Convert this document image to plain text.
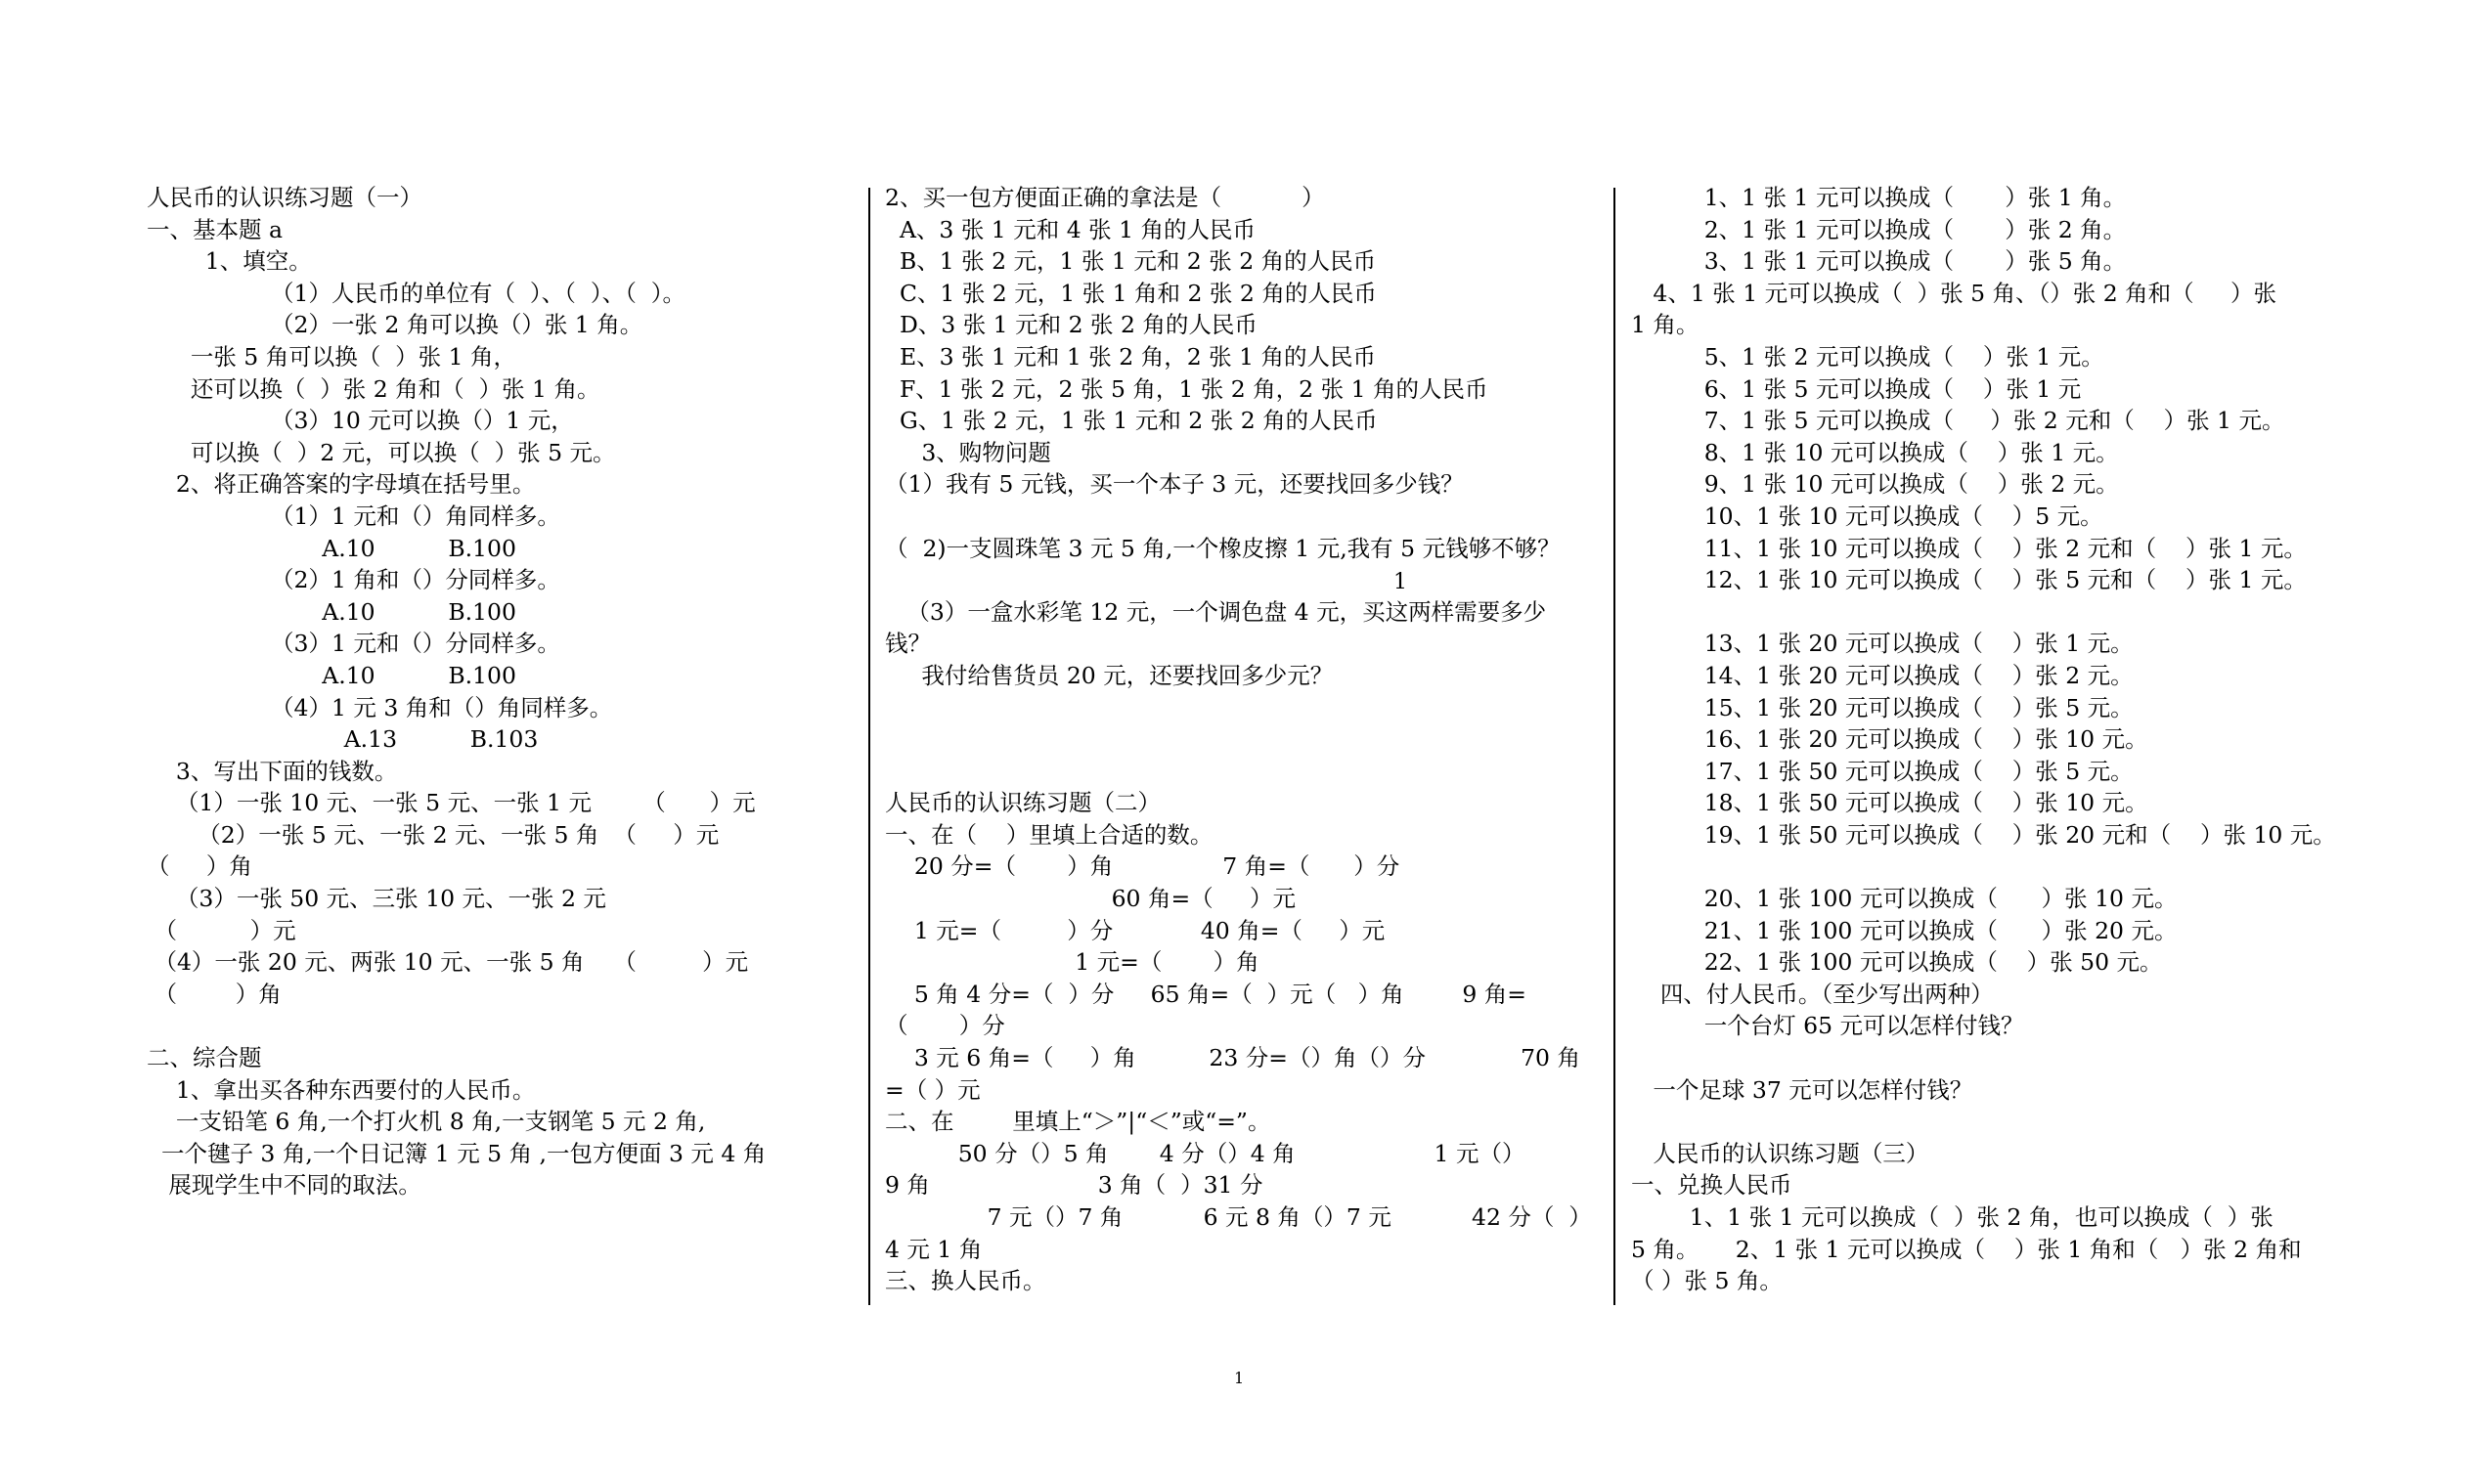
人民币的认识练习题（一）
一、基本题 a
1、填空。
（1）人民币的单位有（  ）、（  ）、（  ）。
（2）一张 2 角可以换（）张 1 角。
一张 5 角可以换（  ）张 1 角，
还可以换（  ）张 2 角和（  ）张 1 角。
（3）10 元可以换（）1 元，
可以换（  ）2 元，可以换（  ）张 5 元。
2、将正确答案的字母填在括号里。
（1）1 元和（）角同样多。
A.10          B.100
（2）1 角和（）分同样多。
A.10          B.100
（3）1 元和（）分同样多。
A.10          B.100
（4）1 元 3 角和（）角同样多。
A.13          B.103
3、写出下面的钱数。
（1）一张 10 元、一张 5 元、一张 1 元       （      ）元
（2）一张 5 元、一张 2 元、一张 5 角  （     ）元
（     ）角
（3）一张 50 元、三张 10 元、一张 2 元
（          ）元
（4）一张 20 元、两张 10 元、一张 5 角    （         ）元
（        ）角
二、综合题
1、拿出买各种东西要付的人民币。
一支铅笔 6 角,一个打火机 8 角,一支钢笔 5 元 2 角,
一个毽子 3 角,一个日记簿 1 元 5 角 ,一包方便面 3 元 4 角
展现学生中不同的取法。
2、买一包方便面正确的拿法是（           ）
A、3 张 1 元和 4 张 1 角的人民币
B、1 张 2 元，1 张 1 元和 2 张 2 角的人民币
C、1 张 2 元，1 张 1 角和 2 张 2 角的人民币
D、3 张 1 元和 2 张 2 角的人民币
E、3 张 1 元和 1 张 2 角，2 张 1 角的人民币
F、1 张 2 元，2 张 5 角，1 张 2 角，2 张 1 角的人民币
G、1 张 2 元，1 张 1 元和 2 张 2 角的人民币
3、购物问题
（1）我有 5 元钱，买一个本子 3 元，还要找回多少钱？
（  2)一支圆珠笔 3 元 5 角,一个橡皮擦 1 元,我有 5 元钱够不够？
（3）一盒水彩笔 12 元，一个调色盘 4 元，买这两样需要多少
钱？
我付给售货员 20 元，还要找回多少元？
人民币的认识练习题（二）
一、在（    ）里填上合适的数。
20 分=（       ）角               7 角=（      ）分
60 角=（     ）元
1 元=（         ）分            40 角=（     ）元
1 元=（       ）角
5 角 4 分=（  ）分     65 角=（  ）元（   ）角        9 角=
（       ）分
3 元 6 角=（     ）角          23 分=（）角（）分             70 角
=（ ）元
二、在        里填上“＞”|“＜”或“=”。
50 分（）5 角       4 分（）4 角                   1 元（）
9 角                       3 角（  ）31 分
7 元（）7 角           6 元 8 角（）7 元           42 分（  ）
4 元 1 角
三、换人民币。
1
1、1 张 1 元可以换成（       ）张 1 角。
2、1 张 1 元可以换成（       ）张 2 角。
3、1 张 1 元可以换成（       ）张 5 角。
4、1 张 1 元可以换成（  ）张 5 角、（）张 2 角和（     ）张
1 角。
5、1 张 2 元可以换成（    ）张 1 元。
6、1 张 5 元可以换成（    ）张 1 元
7、1 张 5 元可以换成（     ）张 2 元和（    ）张 1 元。
8、1 张 10 元可以换成（    ）张 1 元。
9、1 张 10 元可以换成（    ）张 2 元。
10、1 张 10 元可以换成（    ）5 元。
11、1 张 10 元可以换成（    ）张 2 元和（    ）张 1 元。
12、1 张 10 元可以换成（    ）张 5 元和（    ）张 1 元。
13、1 张 20 元可以换成（    ）张 1 元。
14、1 张 20 元可以换成（    ）张 2 元。
15、1 张 20 元可以换成（    ）张 5 元。
16、1 张 20 元可以换成（    ）张 10 元。
17、1 张 50 元可以换成（    ）张 5 元。
18、1 张 50 元可以换成（    ）张 10 元。
19、1 张 50 元可以换成（    ）张 20 元和（    ）张 10 元。
20、1 张 100 元可以换成（      ）张 10 元。
21、1 张 100 元可以换成（      ）张 20 元。
22、1 张 100 元可以换成（    ）张 50 元。
四、付人民币。（至少写出两种）
一个台灯 65 元可以怎样付钱？
一个足球 37 元可以怎样付钱？
人民币的认识练习题（三）
一、兑换人民币
1、1 张 1 元可以换成（  ）张 2 角，也可以换成（  ）张
5 角。     2、1 张 1 元可以换成（    ）张 1 角和（   ）张 2 角和
（ ）张 5 角。
1
